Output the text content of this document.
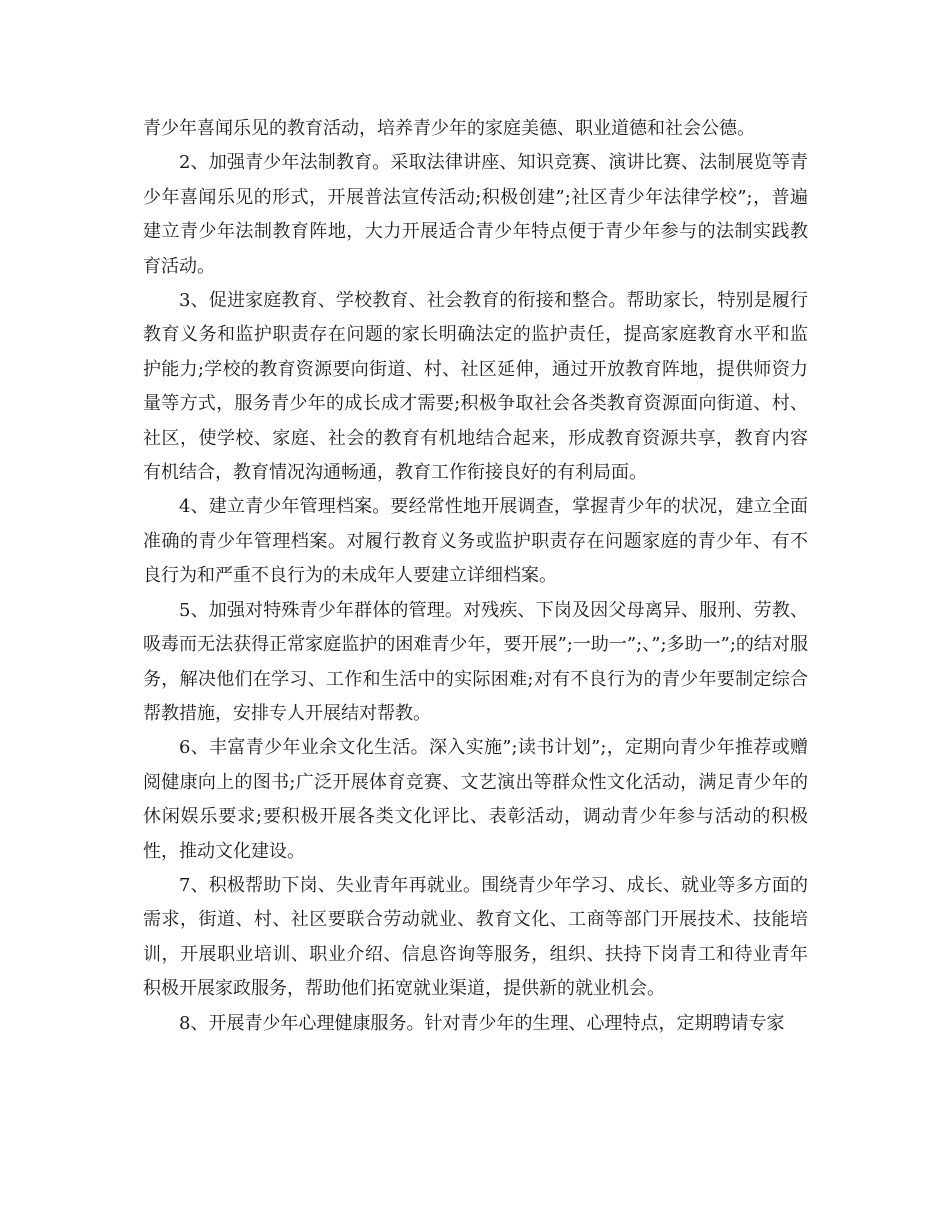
青少年喜闻乐见的教育活动，培养青少年的家庭美德、职业道德和社会公德。

2、加强青少年法制教育。采取法律讲座、知识竞赛、演讲比赛、法制展览等青少年喜闻乐见的形式，开展普法宣传活动;积极创建”;社区青少年法律学校”;，普遍建立青少年法制教育阵地，大力开展适合青少年特点便于青少年参与的法制实践教育活动。

3、促进家庭教育、学校教育、社会教育的衔接和整合。帮助家长，特别是履行教育义务和监护职责存在问题的家长明确法定的监护责任，提高家庭教育水平和监护能力;学校的教育资源要向街道、村、社区延伸，通过开放教育阵地，提供师资力量等方式，服务青少年的成长成才需要;积极争取社会各类教育资源面向街道、村、社区，使学校、家庭、社会的教育有机地结合起来，形成教育资源共享，教育内容有机结合，教育情况沟通畅通，教育工作衔接良好的有利局面。

4、建立青少年管理档案。要经常性地开展调查，掌握青少年的状况，建立全面准确的青少年管理档案。对履行教育义务或监护职责存在问题家庭的青少年、有不良行为和严重不良行为的未成年人要建立详细档案。

5、加强对特殊青少年群体的管理。对残疾、下岗及因父母离异、服刑、劳教、吸毒而无法获得正常家庭监护的困难青少年，要开展”;一助一”;、”;多助一”;的结对服务，解决他们在学习、工作和生活中的实际困难;对有不良行为的青少年要制定综合帮教措施，安排专人开展结对帮教。

6、丰富青少年业余文化生活。深入实施”;读书计划”;，定期向青少年推荐或赠阅健康向上的图书;广泛开展体育竞赛、文艺演出等群众性文化活动，满足青少年的休闲娱乐要求;要积极开展各类文化评比、表彰活动，调动青少年参与活动的积极性，推动文化建设。

7、积极帮助下岗、失业青年再就业。围绕青少年学习、成长、就业等多方面的需求，街道、村、社区要联合劳动就业、教育文化、工商等部门开展技术、技能培训，开展职业培训、职业介绍、信息咨询等服务，组织、扶持下岗青工和待业青年积极开展家政服务，帮助他们拓宽就业渠道，提供新的就业机会。

8、开展青少年心理健康服务。针对青少年的生理、心理特点，定期聘请专家
